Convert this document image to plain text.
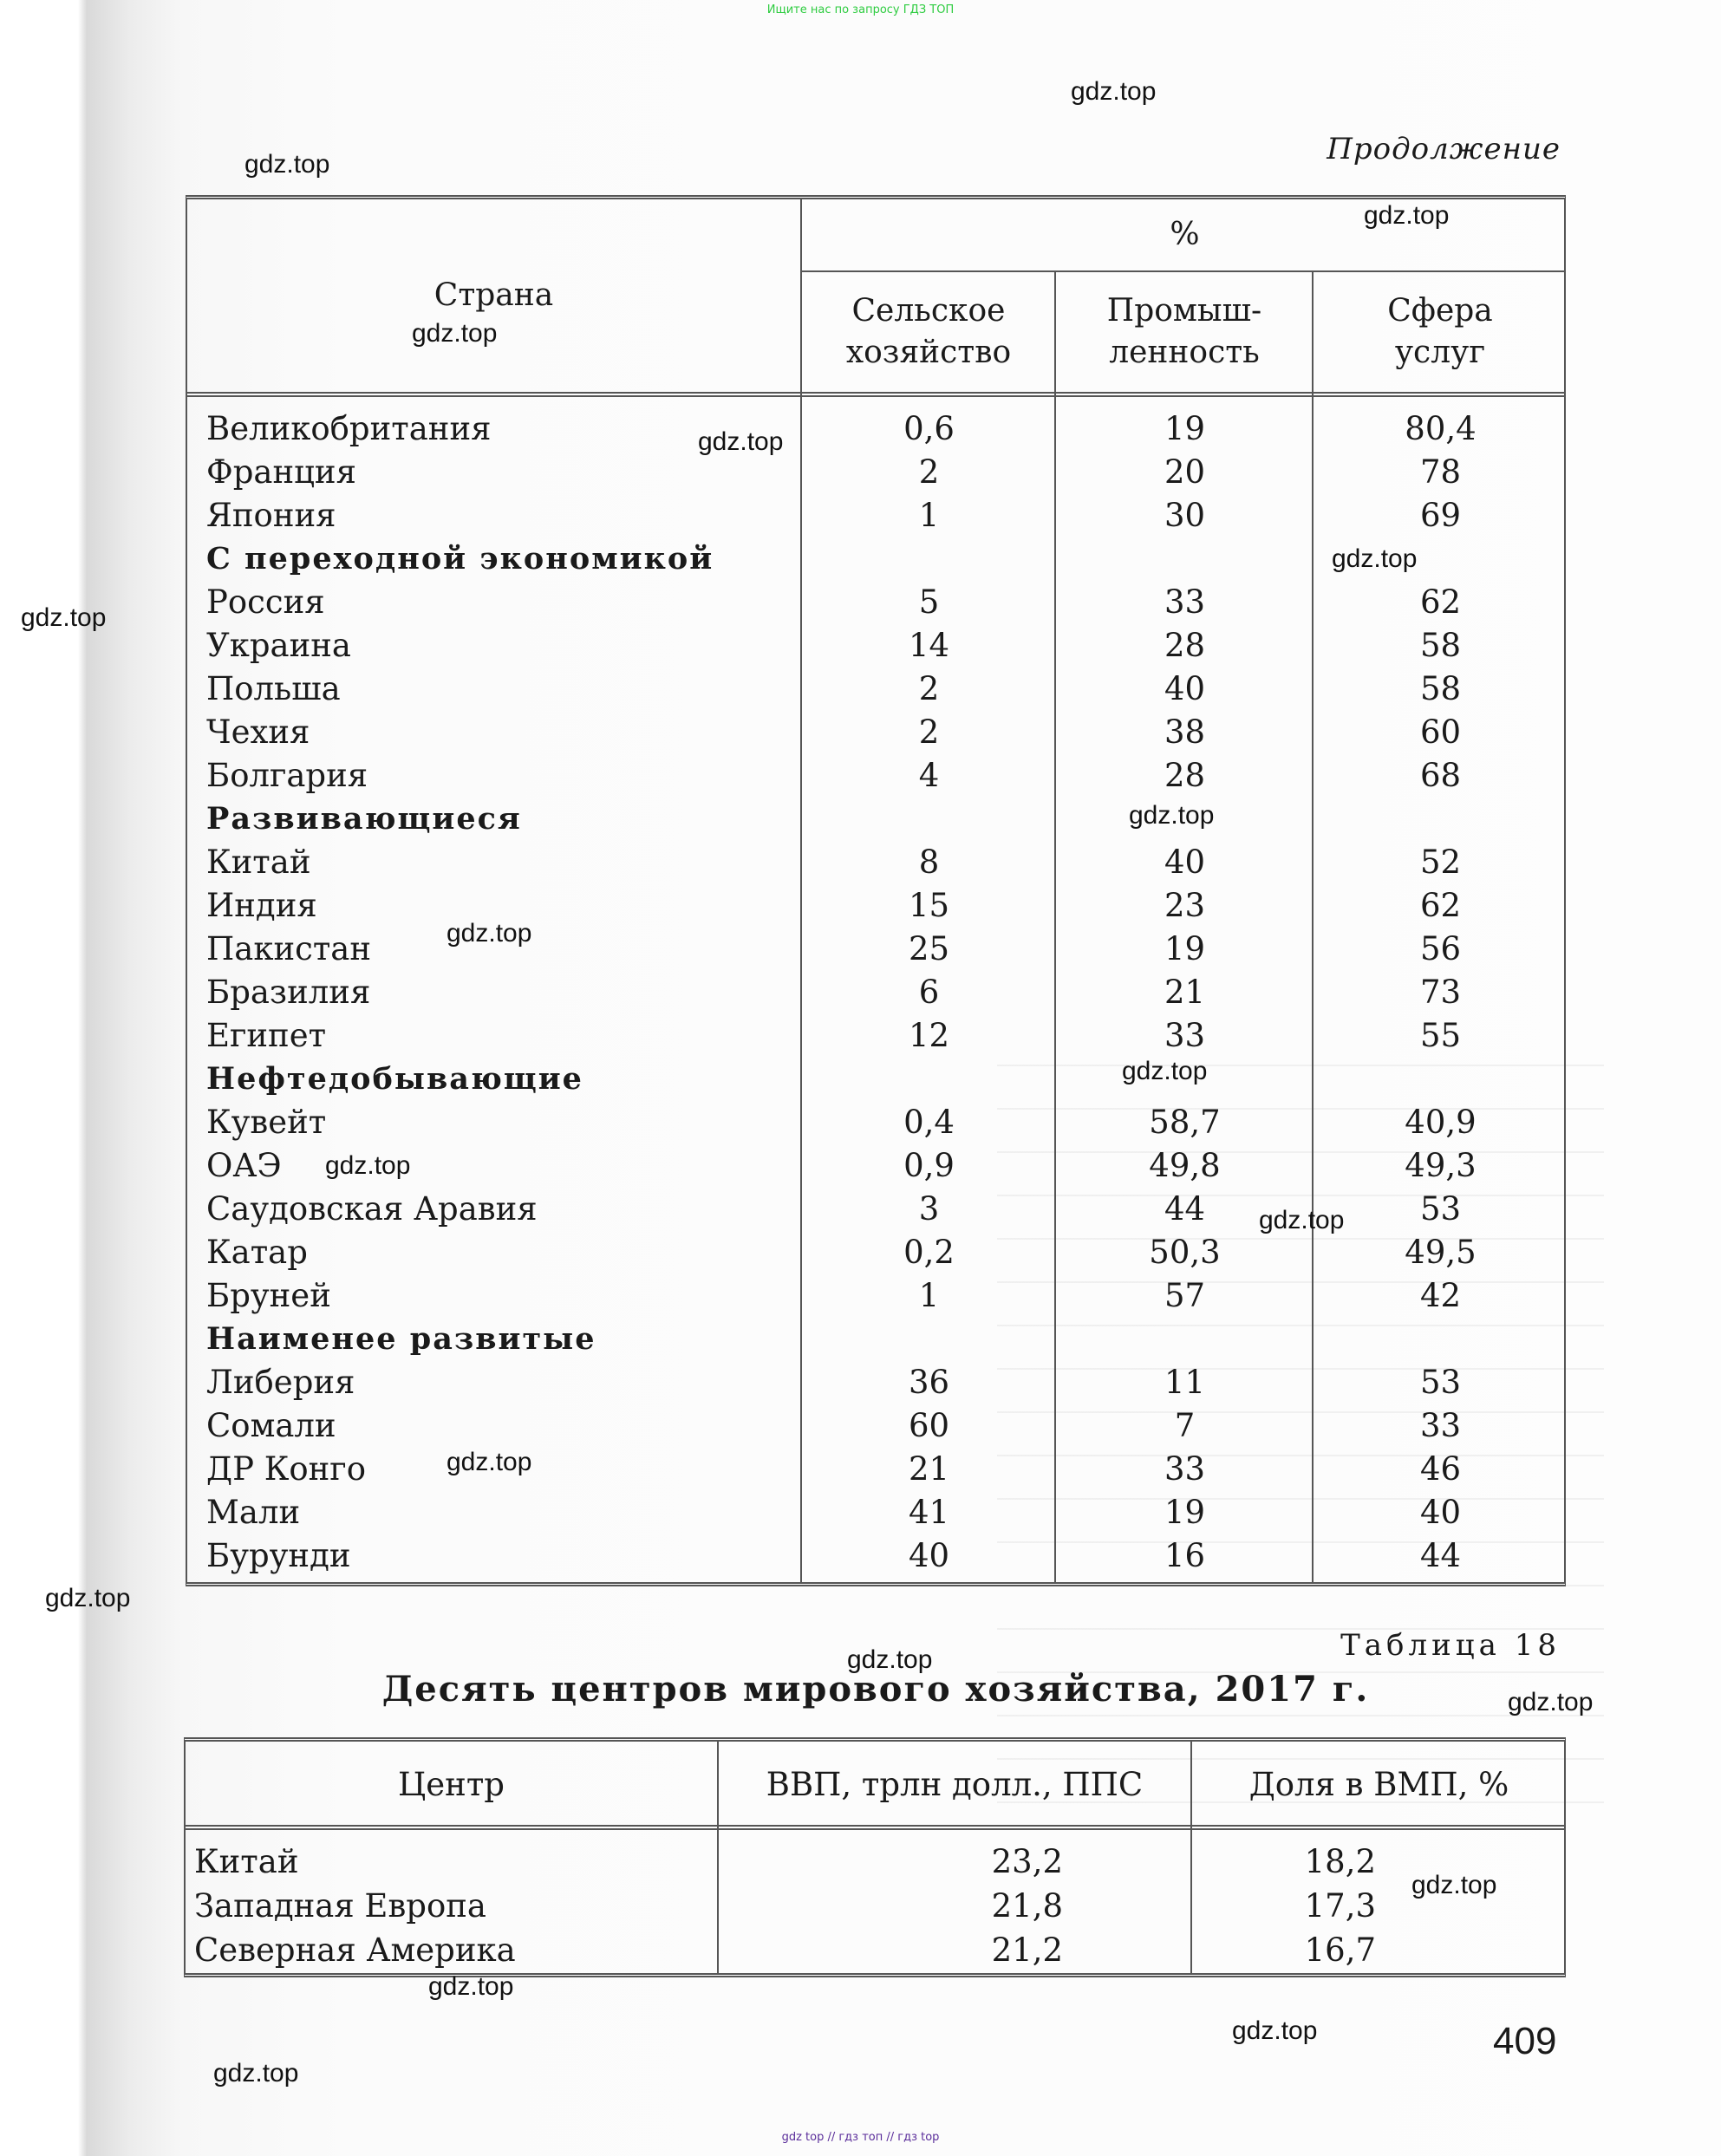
Ищите нас по запросу ГДЗ ТОП
Продолжение
Страна
%
Сельское хозяйство
Промыш-ленность
Сфера услуг
Великобритания	0,6	19	80,4
Франция	2	20	78
Япония	1	30	69
С переходной экономикой
Россия	5	33	62
Украина	14	28	58
Польша	2	40	58
Чехия	2	38	60
Болгария	4	28	68
Развивающиеся
Китай	8	40	52
Индия	15	23	62
Пакистан	25	19	56
Бразилия	6	21	73
Египет	12	33	55
Нефтедобывающие
Кувейт	0,4	58,7	40,9
ОАЭ	0,9	49,8	49,3
Саудовская Аравия	3	44	53
Катар	0,2	50,3	49,5
Бруней	1	57	42
Наименее развитые
Либерия	36	11	53
Сомали	60	7	33
ДР Конго	21	33	46
Мали	41	19	40
Бурунди	40	16	44
Таблица 18
Десять центров мирового хозяйства, 2017 г.
Центр	ВВП, трлн долл., ППС	Доля в ВМП, %
Китай	23,2	18,2
Западная Европа	21,8	17,3
Северная Америка	21,2	16,7
409
gdz.top
gdz.top
gdz.top
gdz.top
gdz.top
gdz.top
gdz.top
gdz.top
gdz.top
gdz.top
gdz.top
gdz.top
gdz.top
gdz.top
gdz.top
gdz.top
gdz.top
gdz.top
gdz.top
gdz.top
gdz top // гдз топ // гдз top
